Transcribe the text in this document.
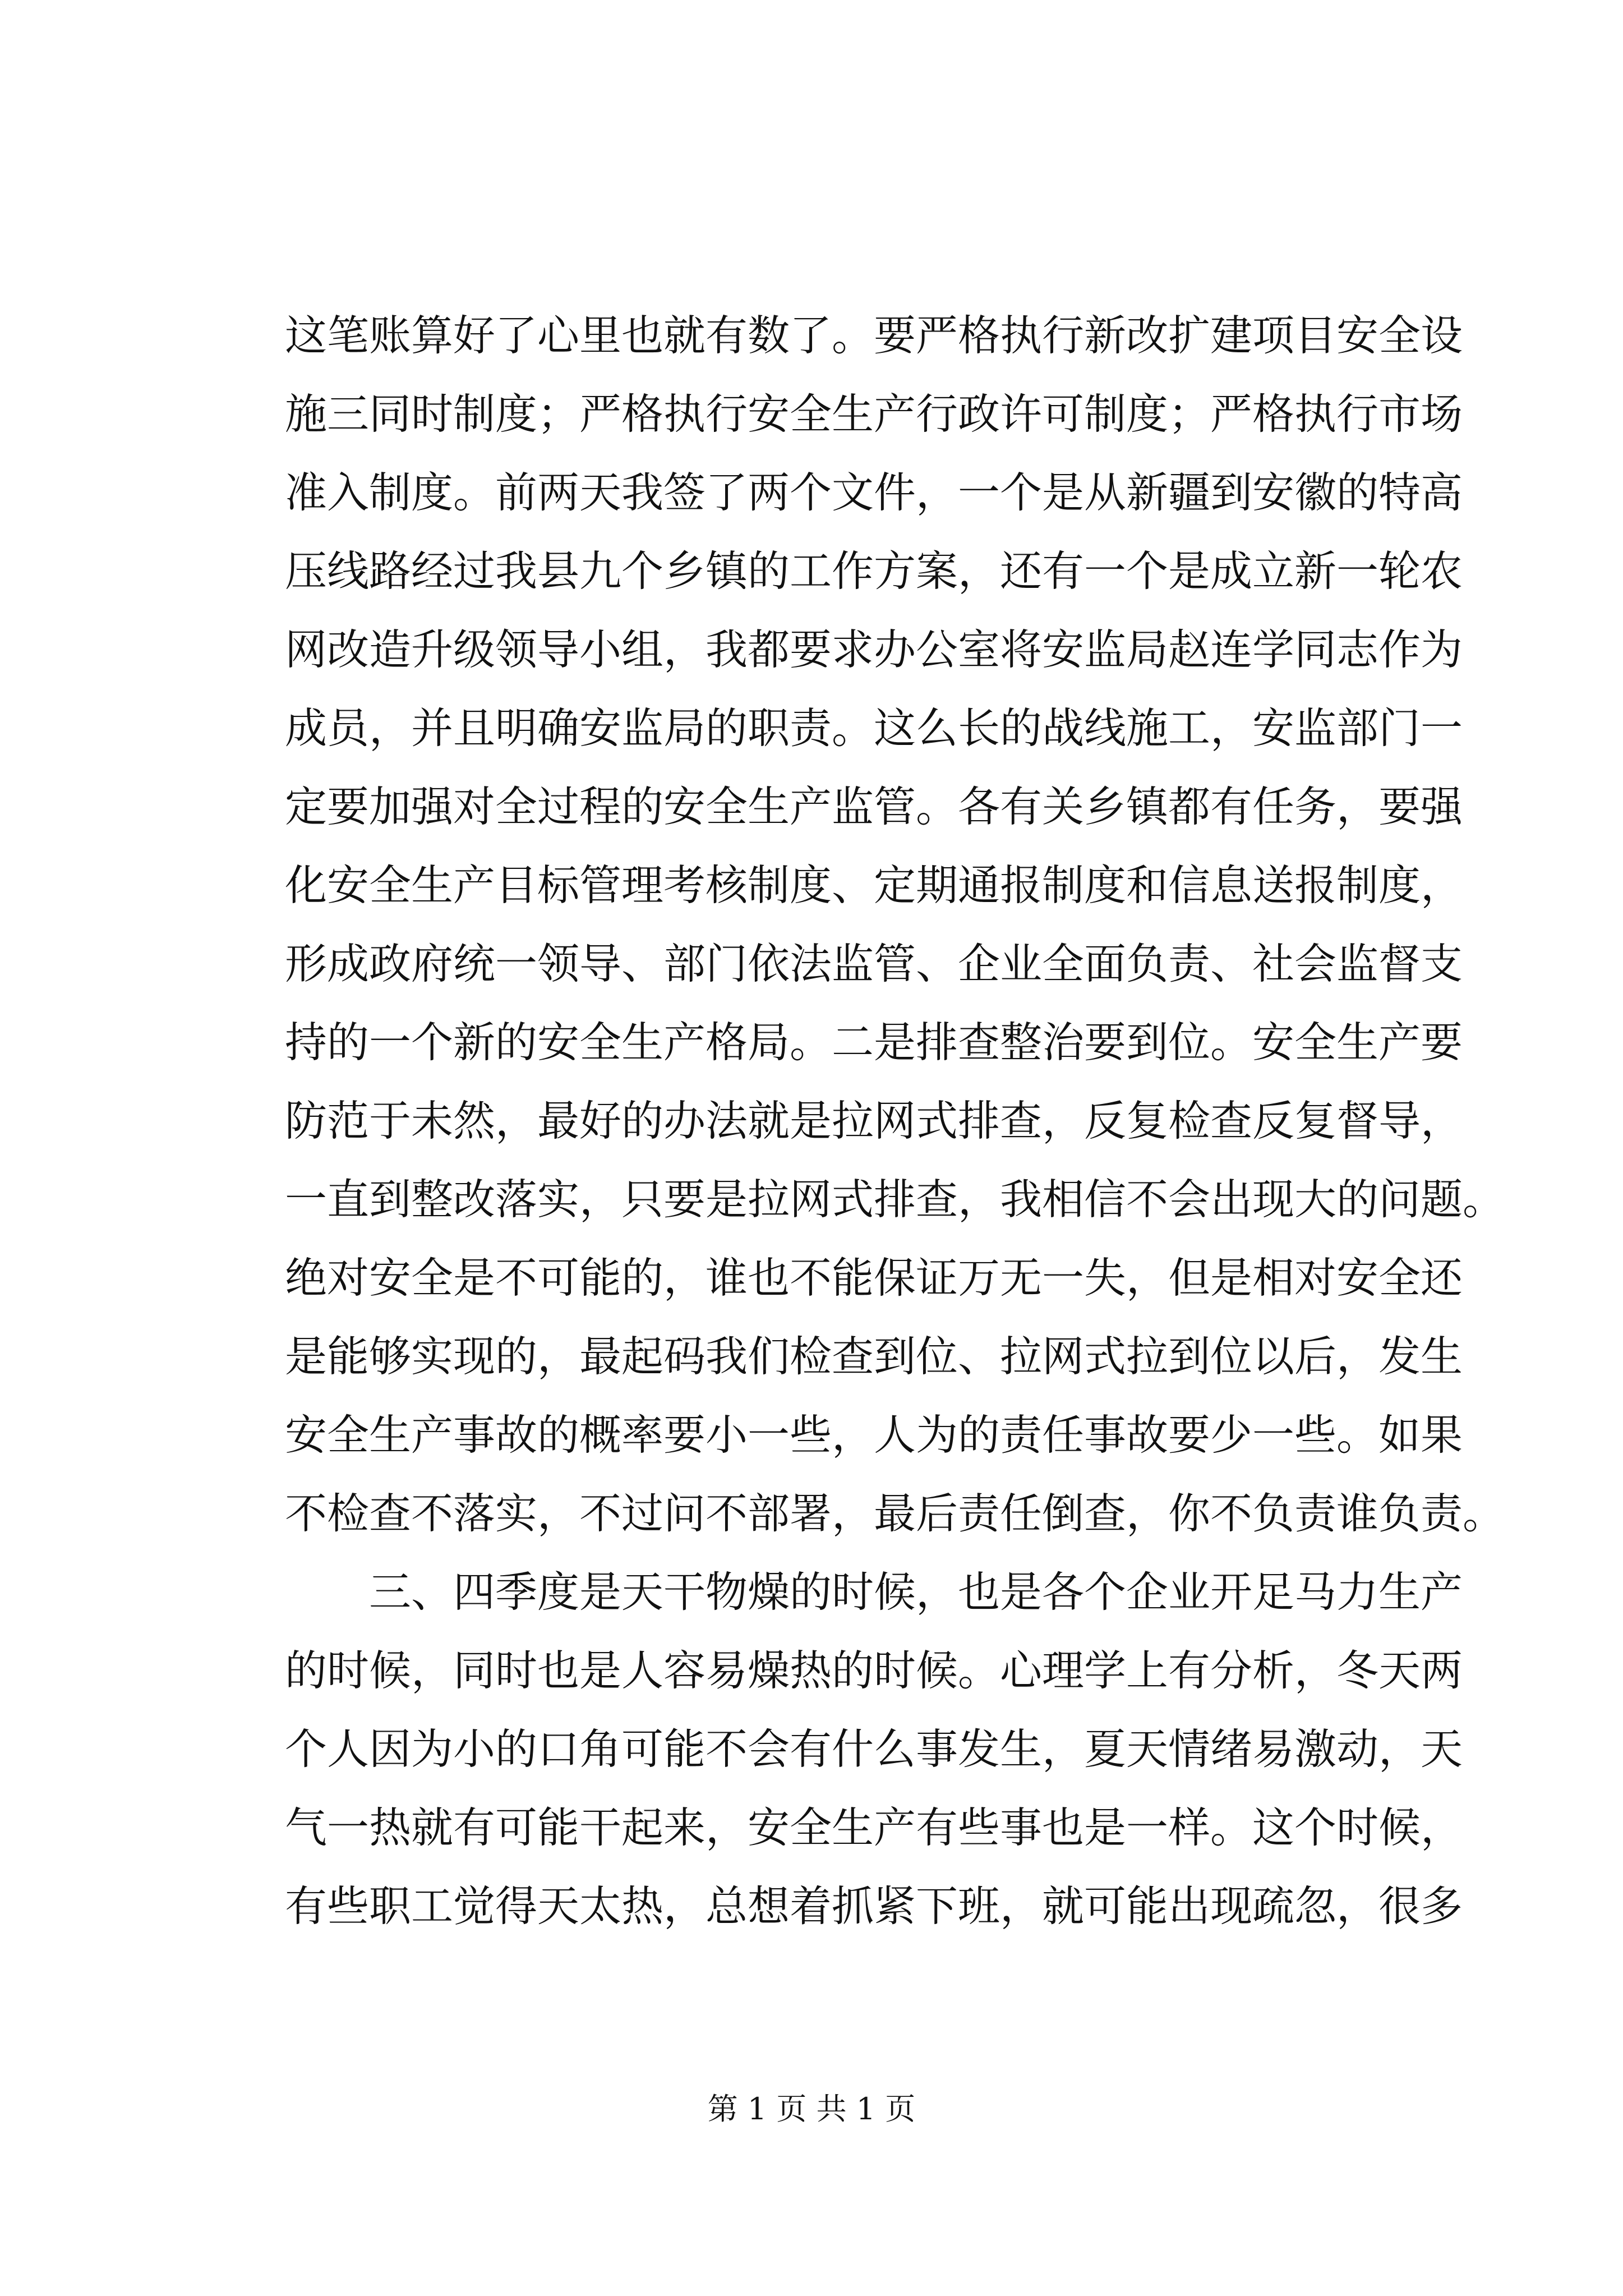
这笔账算好了心里也就有数了。要严格执行新改扩建项目安全设
施三同时制度；严格执行安全生产行政许可制度；严格执行市场
准入制度。前两天我签了两个文件，一个是从新疆到安徽的特高
压线路经过我县九个乡镇的工作方案，还有一个是成立新一轮农
网改造升级领导小组，我都要求办公室将安监局赵连学同志作为
成员，并且明确安监局的职责。这么长的战线施工，安监部门一
定要加强对全过程的安全生产监管。各有关乡镇都有任务，要强
化安全生产目标管理考核制度、定期通报制度和信息送报制度，
形成政府统一领导、部门依法监管、企业全面负责、社会监督支
持的一个新的安全生产格局。二是排查整治要到位。安全生产要
防范于未然，最好的办法就是拉网式排查，反复检查反复督导，
一直到整改落实，只要是拉网式排查，我相信不会出现大的问题。
绝对安全是不可能的，谁也不能保证万无一失，但是相对安全还
是能够实现的，最起码我们检查到位、拉网式拉到位以后，发生
安全生产事故的概率要小一些，人为的责任事故要少一些。如果
不检查不落实，不过问不部署，最后责任倒查，你不负责谁负责。
三、四季度是天干物燥的时候，也是各个企业开足马力生产
的时候，同时也是人容易燥热的时候。心理学上有分析，冬天两
个人因为小的口角可能不会有什么事发生，夏天情绪易激动，天
气一热就有可能干起来，安全生产有些事也是一样。这个时候，
有些职工觉得天太热，总想着抓紧下班，就可能出现疏忽，很多
第 1 页 共 1 页
